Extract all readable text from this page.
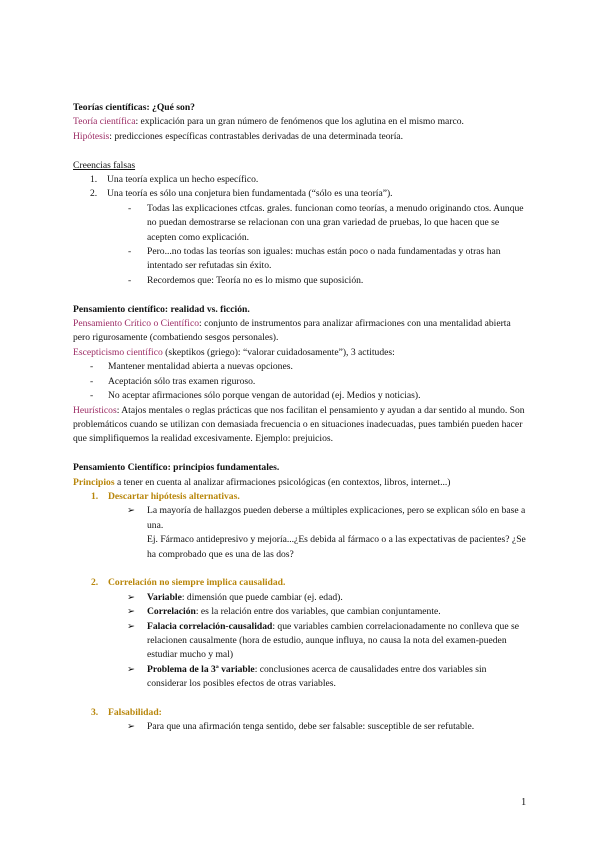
Teorías científicas: ¿Qué son?

Teoría científica: explicación para un gran número de fenómenos que los aglutina en el mismo marco.

Hipótesis: predicciones específicas contrastables derivadas de una determinada teoría.

Creencias falsas

1.	Una teoría explica un hecho específico.
2.	Una teoría es sólo una conjetura bien fundamentada (“sólo es una teoría”).
-	Todas las explicaciones ctfcas. grales. funcionan como teorías, a menudo originando ctos. Aunque no puedan demostrarse se relacionan con una gran variedad de pruebas, lo que hacen que se acepten como explicación.
-	Pero...no todas las teorías son iguales: muchas están poco o nada fundamentadas y otras han intentado ser refutadas sin éxito.
-	Recordemos que: Teoría no es lo mismo que suposición.

Pensamiento científico: realidad vs. ficción.

Pensamiento Crítico o Científico: conjunto de instrumentos para analizar afirmaciones con una mentalidad abierta pero rigurosamente (combatiendo sesgos personales).

Escepticismo científico (skeptikos (griego): “valorar cuidadosamente”), 3 actitudes:

-	Mantener mentalidad abierta a nuevas opciones.
-	Aceptación sólo tras examen riguroso.
-	No aceptar afirmaciones sólo porque vengan de autoridad (ej. Medios y noticias).

Heurísticos: Atajos mentales o reglas prácticas que nos facilitan el pensamiento y ayudan a dar sentido al mundo. Son problemáticos cuando se utilizan con demasiada frecuencia o en situaciones inadecuadas, pues también pueden hacer que simplifiquemos la realidad excesivamente. Ejemplo: prejuicios.

Pensamiento Científico: principios fundamentales.

Principios a tener en cuenta al analizar afirmaciones psicológicas (en contextos, libros, internet...)

1.	Descartar hipótesis alternativas.
➢	La mayoría de hallazgos pueden deberse a múltiples explicaciones, pero se explican sólo en base a una.

Ej. Fármaco antidepresivo y mejoría...¿Es debida al fármaco o a las expectativas de pacientes? ¿Se ha comprobado que es una de las dos?

2.	Correlación no siempre implica causalidad.
➢	Variable: dimensión que puede cambiar (ej. edad).
➢	Correlación: es la relación entre dos variables, que cambian conjuntamente.
➢	Falacia correlación-causalidad: que variables cambien correlacionadamente no conlleva que se relacionen causalmente (hora de estudio, aunque influya, no causa la nota del examen-pueden estudiar mucho y mal)
➢	Problema de la 3ª variable: conclusiones acerca de causalidades entre dos variables sin considerar los posibles efectos de otras variables.
3.	Falsabilidad:
➢	Para que una afirmación tenga sentido, debe ser falsable: susceptible de ser refutable.
1
